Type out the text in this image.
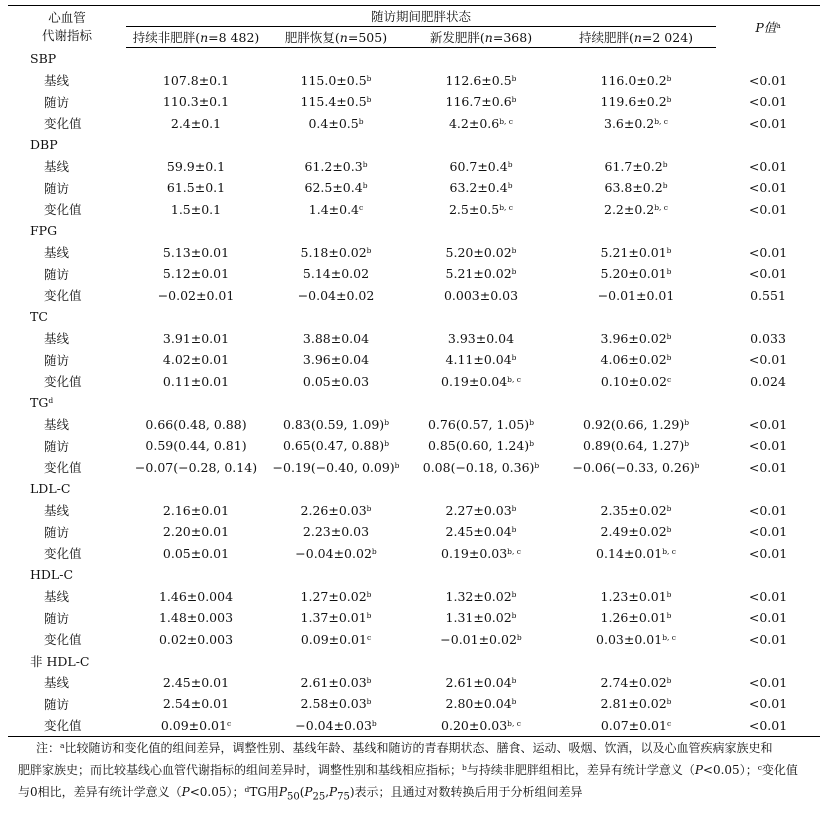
心血管
代谢指标	随访期间肥胖状态				P值$^a$
	持续非肥胖(n=8 482)	肥胖恢复(n=505)	新发肥胖(n=368)	持续肥胖(n=2 024)	
SBP					
基线	107.8±0.1	115.0±0.5$^b$	112.6±0.5$^b$	116.0±0.2$^b$	<0.01
随访	110.3±0.1	115.4±0.5$^b$	116.7±0.6$^b$	119.6±0.2$^b$	<0.01
变化值	2.4±0.1	0.4±0.5$^b$	$4.2\pm 0.6^{b, c}$	$3.6\pm 0.2^{b, c}$	<0.01
DBP					
基线	59.9±0.1	61.2±0.3$^b$	60.7±0.4$^b$	61.7±0.2$^b$	<0.01
随访	61.5±0.1	62.5±0.4$^b$	63.2±0.4$^b$	63.8±0.2$^b$	<0.01
变化值	1.5±0.1	1.4±0.4$^c$	$2.5\pm 0.5^{b, c}$	$2.2\pm 0.2^{b, c}$	<0.01
FPG					
基线	5.13±0.01	5.18±0.02$^b$	5.20±0.02$^b$	5.21±0.01$^b$	<0.01
随访	5.12±0.01	5.14±0.02	5.21±0.02$^b$	5.20±0.01$^b$	<0.01
变化值	−0.02±0.01	−0.04±0.02	0.003±0.03	−0.01±0.01	0.551
TC					
基线	3.91±0.01	3.88±0.04	3.93±0.04	3.96±0.02$^b$	0.033
随访	4.02±0.01	3.96±0.04	4.11±0.04$^b$	4.06±0.02$^b$	<0.01
变化值	0.11±0.01	0.05±0.03	$0.19\pm 0.04^{b, c}$	0.10±0.02$^c$	0.024
$TG^d$
基线	0.66(0.48, 0.88)	0.83(0.59, 1.09)$^b$	0.76(0.57, 1.05)$^b$	0.92(0.66, 1.29)$^b$	<0.01
随访	0.59(0.44, 0.81)	0.65(0.47, 0.88)$^b$	0.85(0.60, 1.24)$^b$	0.89(0.64, 1.27)$^b$	<0.01
变化值	−0.07(−0.28, 0.14)	−0.19(−0.40, 0.09)$^b$	0.08(−0.18, 0.36)$^b$	−0.06(−0.33, 0.26)$^b$	<0.01
LDL-C					
基线	2.16±0.01	2.26±0.03$^b$	2.27±0.03$^b$	2.35±0.02$^b$	<0.01
随访	2.20±0.01	2.23±0.03	2.45±0.04$^b$	2.49±0.02$^b$	<0.01
变化值	0.05±0.01	−0.04±0.02$^b$	$0.19\pm 0.03^{b, c}$	$0.14\pm 0.01^{b, c}$	<0.01
HDL-C					
基线	1.46±0.004	1.27±0.02$^b$	1.32±0.02$^b$	1.23±0.01$^b$	<0.01
随访	1.48±0.003	1.37±0.01$^b$	1.31±0.02$^b$	1.26±0.01$^b$	<0.01
变化值	0.02±0.003	0.09±0.01$^c$	−0.01±0.02$^b$	$0.03\pm 0.01^{b, c}$	<0.01
非 HDL-C					
基线	2.45±0.01	2.61±0.03$^b$	2.61±0.04$^b$	2.74±0.02$^b$	<0.01
随访	2.54±0.01	2.58±0.03$^b$	2.80±0.04$^b$	2.81±0.02$^b$	<0.01
变化值	0.09±0.01$^c$	−0.04±0.03$^b$	$0.20\pm 0.03^{b, c}$	0.07±0.01$^c$	<0.01
注：$^a$比较随访和变化值的组间差异，调整性别、基线年龄、基线和随访的青春期状态、膳食、运动、吸烟、饮酒，以及心血管疾病家族史和
肥胖家族史；而比较基线心血管代谢指标的组间差异时，调整性别和基线相应指标；$^b$与持续非肥胖组相比，差异有统计学意义（P<0.05）；$^c$变化值
与0相比，差异有统计学意义（P<0.05）；$^d$TG用$P_{50}(P_{25},P_{75})$表示；且通过对数转换后用于分析组间差异
